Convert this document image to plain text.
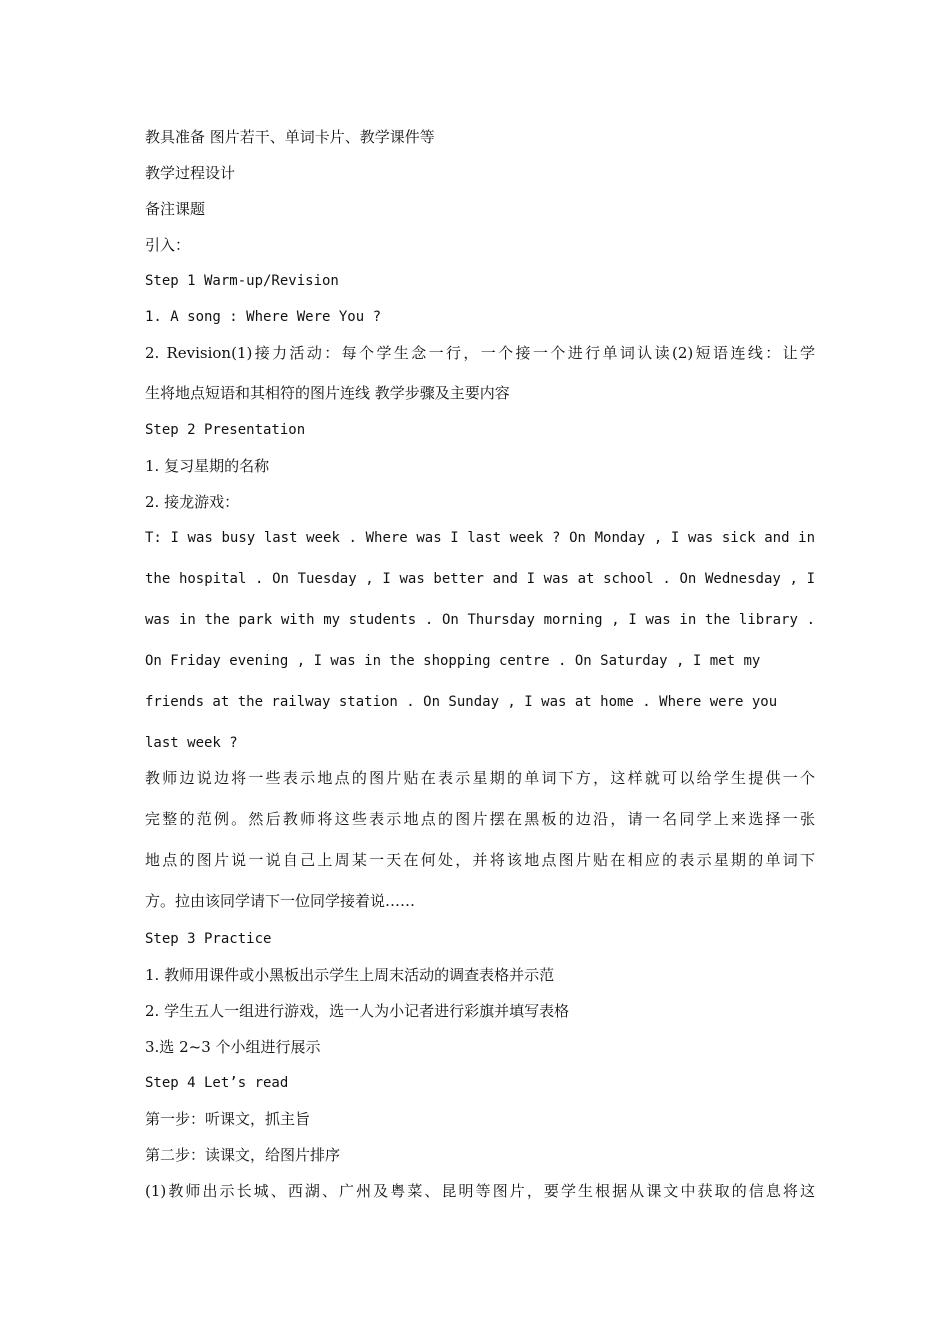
教具准备 图片若干、单词卡片、教学课件等
教学过程设计
备注课题
引入：
Step 1 Warm-up/Revision
1. A song : Where Were You ?
2. Revision(1)接力活动：每个学生念一行，一个接一个进行单词认读(2)短语连线：让学
生将地点短语和其相符的图片连线 教学步骤及主要内容
Step 2 Presentation
1. 复习星期的名称
2. 接龙游戏：
T: I was busy last week . Where was I last week ? On Monday , I was sick and in
the hospital . On Tuesday , I was better and I was at school . On Wednesday , I
was in the park with my students . On Thursday morning , I was in the library .
On Friday evening , I was in the shopping centre . On Saturday , I met my
friends at the railway station . On Sunday , I was at home . Where were you
last week ?
教师边说边将一些表示地点的图片贴在表示星期的单词下方，这样就可以给学生提供一个
完整的范例。然后教师将这些表示地点的图片摆在黑板的边沿，请一名同学上来选择一张
地点的图片说一说自己上周某一天在何处，并将该地点图片贴在相应的表示星期的单词下
方。拉由该同学请下一位同学接着说……
Step 3 Practice
1. 教师用课件或小黑板出示学生上周末活动的调查表格并示范
2. 学生五人一组进行游戏，选一人为小记者进行彩旗并填写表格
3.选 2~3 个小组进行展示
Step 4 Let’s read
第一步：听课文，抓主旨
第二步：读课文，给图片排序
(1)教师出示长城、西湖、广州及粤菜、昆明等图片，要学生根据从课文中获取的信息将这
